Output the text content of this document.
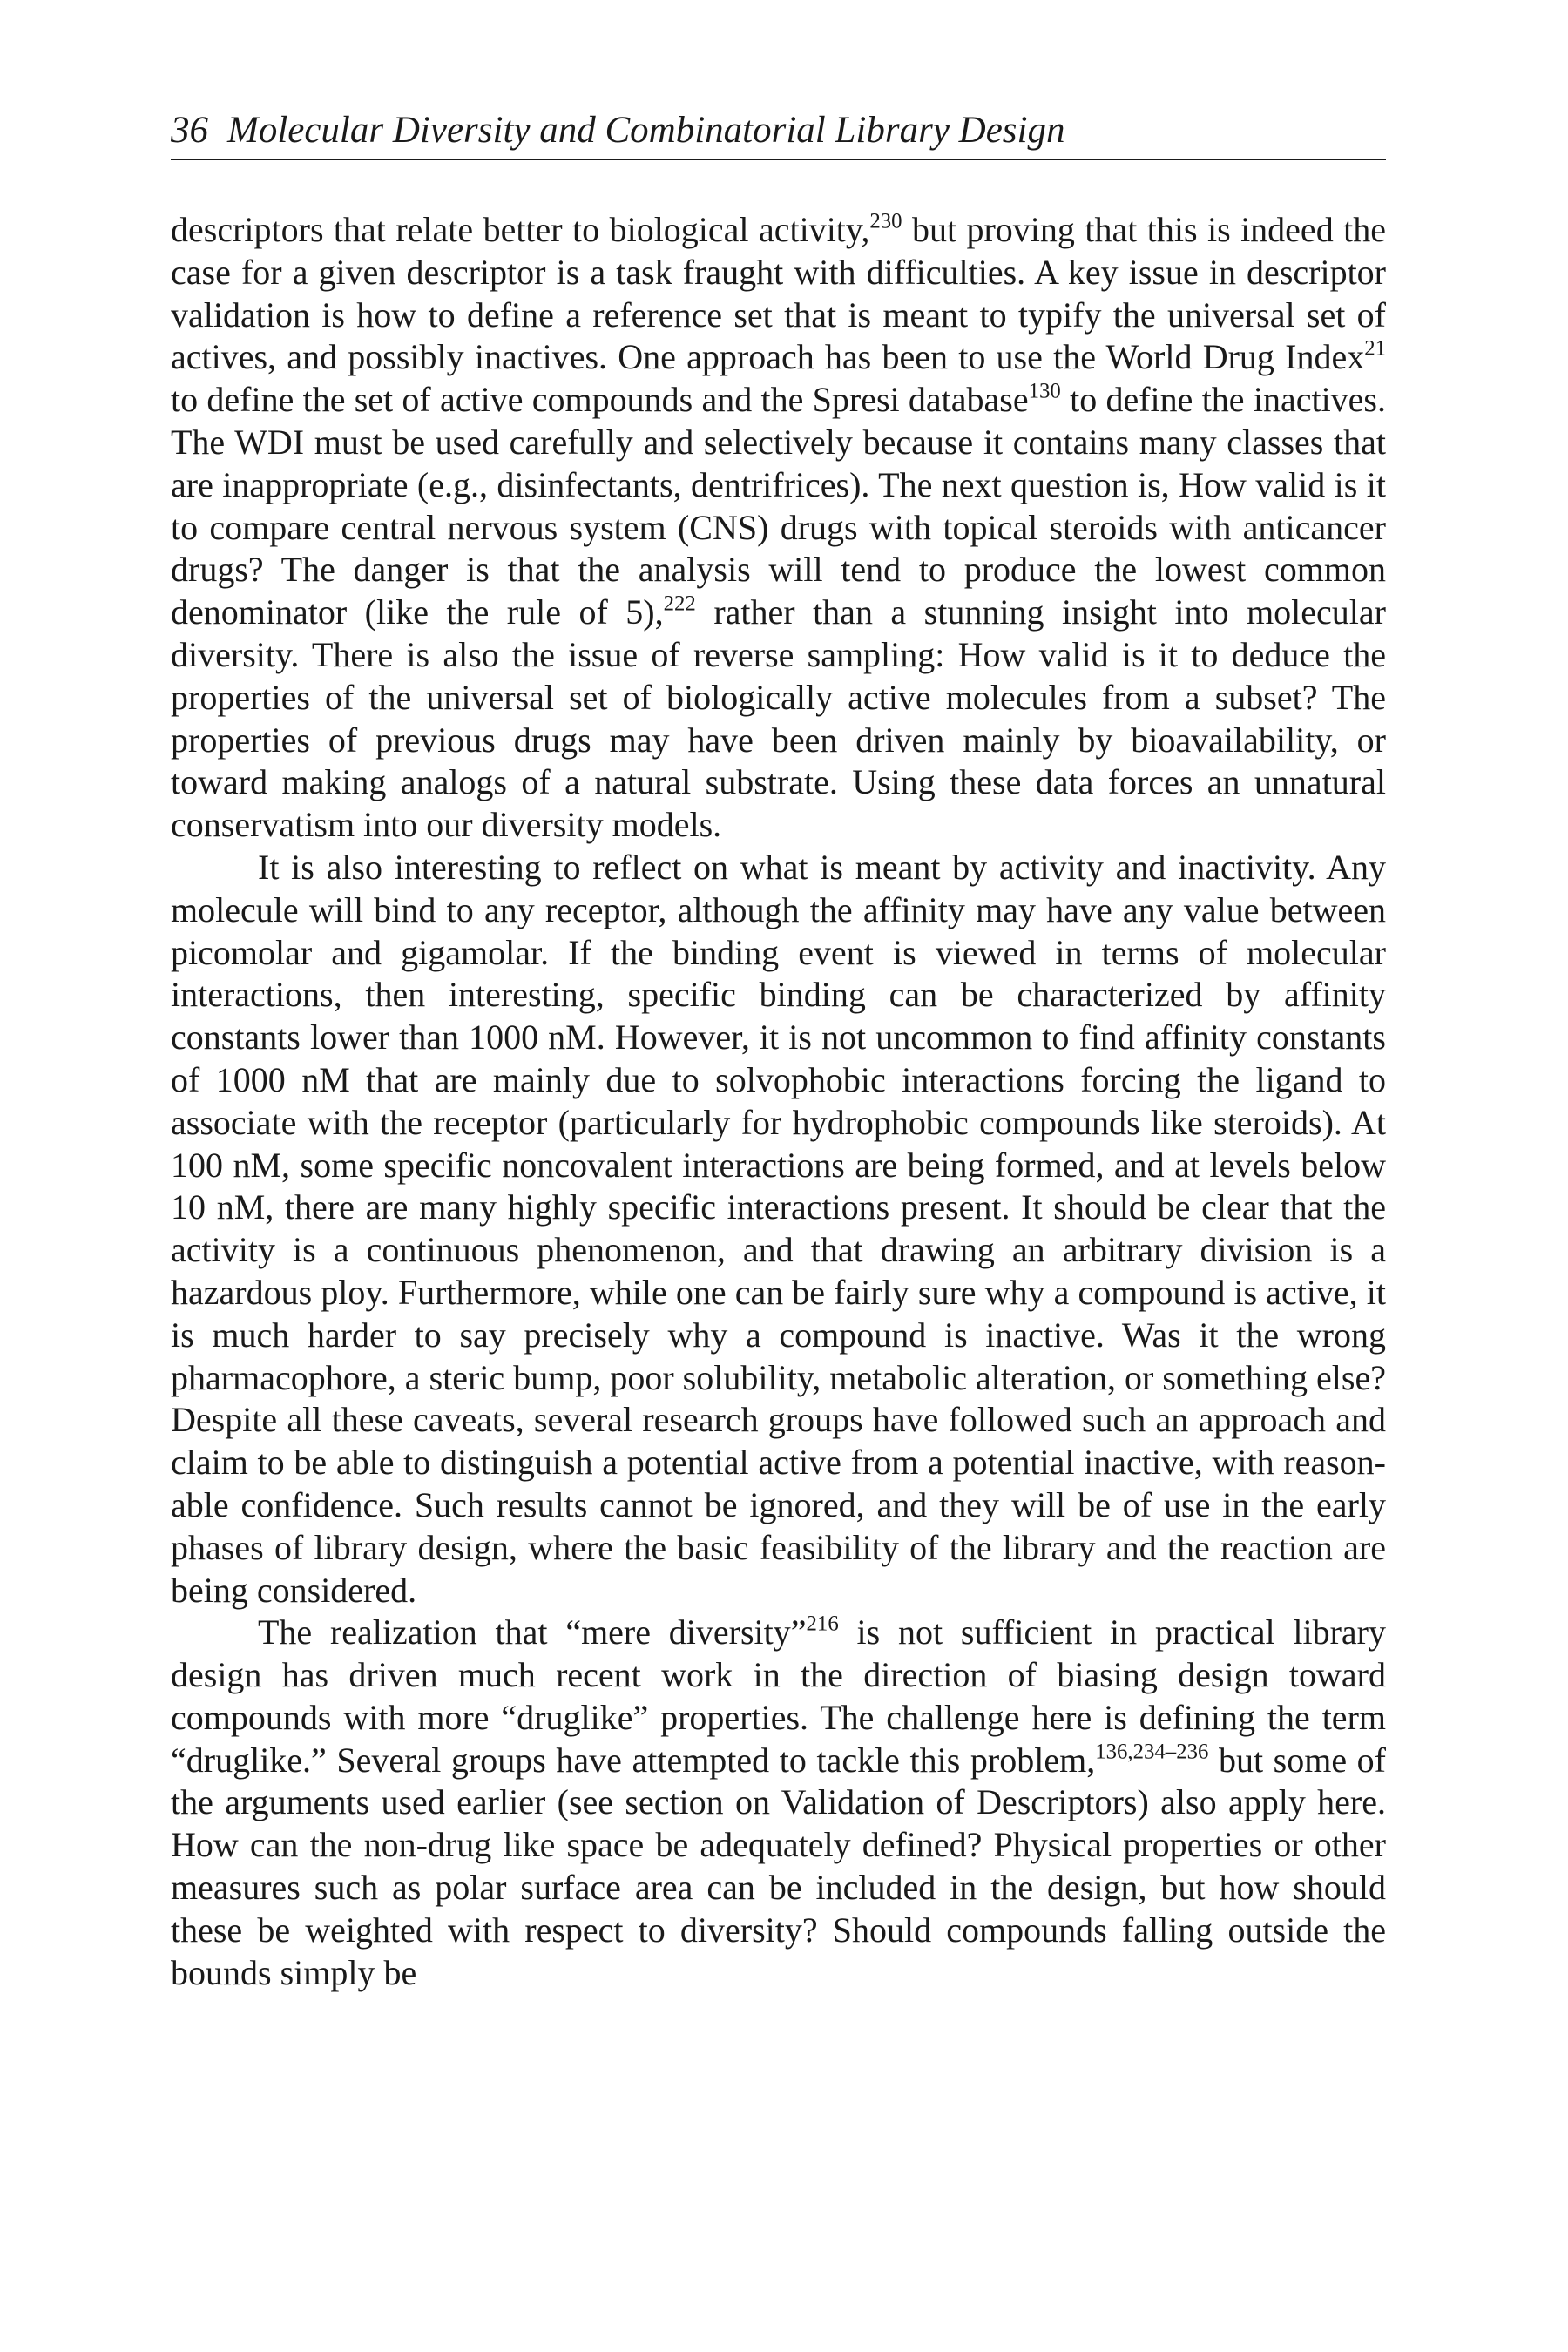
36 Molecular Diversity and Combinatorial Library Design

descriptors that relate better to biological activity,$^{230}$ but proving that this is indeed the case for a given descriptor is a task fraught with difficulties. A key issue in descriptor validation is how to define a reference set that is meant to typify the universal set of actives, and possibly inactives. One approach has been to use the World Drug Index$^{21}$ to define the set of active compounds and the Spresi database$^{130}$ to define the inactives. The WDI must be used carefully and selectively because it contains many classes that are inappropriate (e.g., disinfectants, dentrifrices). The next question is, How valid is it to compare central nervous system (CNS) drugs with topical steroids with anticancer drugs? The danger is that the analysis will tend to produce the lowest common denominator (like the rule of 5),$^{222}$ rather than a stunning insight into molecular diversity. There is also the issue of reverse sampling: How valid is it to deduce the properties of the universal set of biologically active molecules from a subset? The properties of previous drugs may have been driven mainly by bioavailability, or toward making analogs of a natural substrate. Using these data forces an unnatural conservatism into our diversity models.

It is also interesting to reflect on what is meant by activity and inactivity. Any molecule will bind to any receptor, although the affinity may have any value between picomolar and gigamolar. If the binding event is viewed in terms of molecular interactions, then interesting, specific binding can be characterized by affinity constants lower than 1000 nM. However, it is not uncommon to find affinity constants of 1000 nM that are mainly due to solvophobic interactions forcing the ligand to associate with the receptor (particularly for hydrophobic compounds like steroids). At 100 nM, some specific noncovalent interactions are being formed, and at levels below 10 nM, there are many highly specific interactions present. It should be clear that the activity is a continuous phenomenon, and that drawing an arbitrary division is a hazardous ploy. Furthermore, while one can be fairly sure why a compound is active, it is much harder to say precisely why a compound is inactive. Was it the wrong pharmacophore, a steric bump, poor solubility, metabolic alteration, or something else? Despite all these caveats, several research groups have followed such an approach and claim to be able to distinguish a potential active from a potential inactive, with reasonable confidence. Such results cannot be ignored, and they will be of use in the early phases of library design, where the basic feasibility of the library and the reaction are being considered.

The realization that “mere diversity”$^{216}$ is not sufficient in practical library design has driven much recent work in the direction of biasing design toward compounds with more “druglike” properties. The challenge here is defining the term “druglike.” Several groups have attempted to tackle this problem,$^{136,234-236}$ but some of the arguments used earlier (see section on Validation of Descriptors) also apply here. How can the non-drug like space be adequately defined? Physical properties or other measures such as polar surface area can be included in the design, but how should these be weighted with respect to diversity? Should compounds falling outside the bounds simply be
